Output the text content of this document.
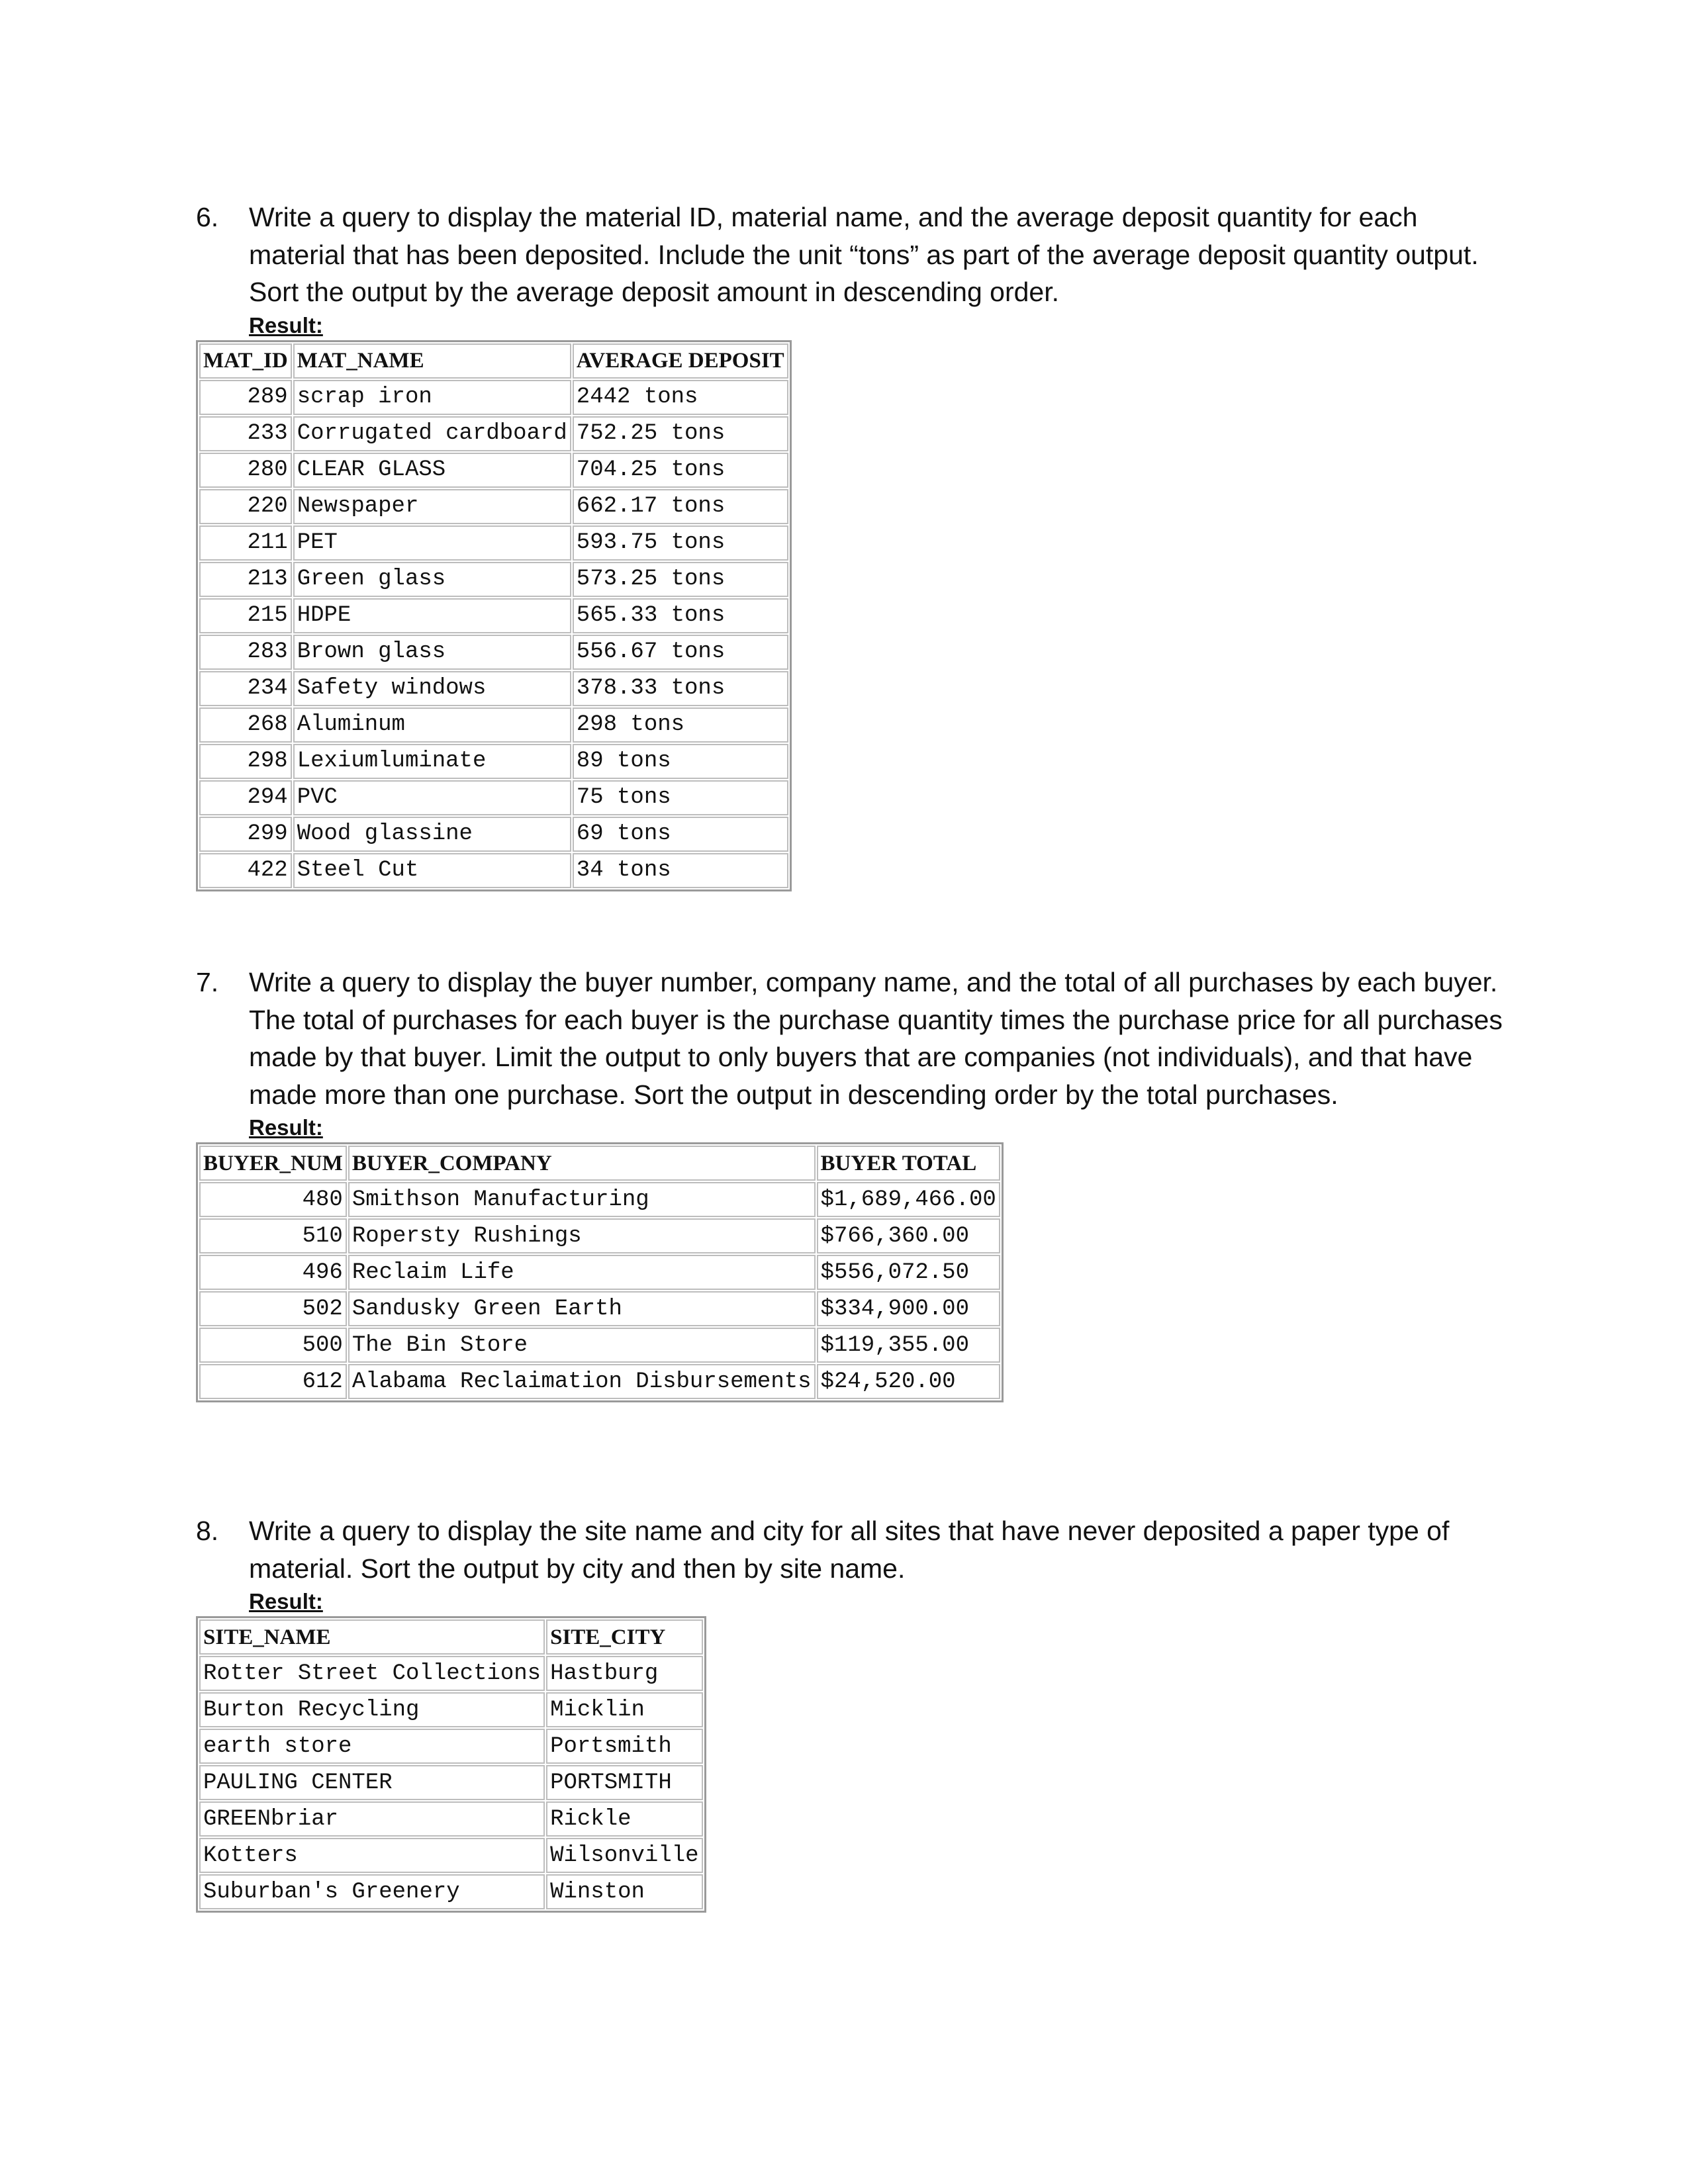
6. Write a query to display the material ID, material name, and the average deposit quantity for each material that has been deposited. Include the unit “tons” as part of the average deposit quantity output. Sort the output by the average deposit amount in descending order.

Result:
MAT_ID	MAT_NAME	AVERAGE DEPOSIT
289	scrap iron	2442 tons
233	Corrugated cardboard	752.25 tons
280	CLEAR GLASS	704.25 tons
220	Newspaper	662.17 tons
211	PET	593.75 tons
213	Green glass	573.25 tons
215	HDPE	565.33 tons
283	Brown glass	556.67 tons
234	Safety windows	378.33 tons
268	Aluminum	298 tons
298	Lexiumluminate	89 tons
294	PVC	75 tons
299	Wood glassine	69 tons
422	Steel Cut	34 tons
7. Write a query to display the buyer number, company name, and the total of all purchases by each buyer. The total of purchases for each buyer is the purchase quantity times the purchase price for all purchases made by that buyer. Limit the output to only buyers that are companies (not individuals), and that have made more than one purchase. Sort the output in descending order by the total purchases.

Result:
BUYER_NUM	BUYER_COMPANY	BUYER TOTAL
480	Smithson Manufacturing	$1,689,466.00
510	Ropersty Rushings	$766,360.00
496	Reclaim Life	$556,072.50
502	Sandusky Green Earth	$334,900.00
500	The Bin Store	$119,355.00
612	Alabama Reclaimation Disbursements	$24,520.00
8. Write a query to display the site name and city for all sites that have never deposited a paper type of material. Sort the output by city and then by site name.

Result:
SITE_NAME	SITE_CITY
Rotter Street Collections	Hastburg
Burton Recycling	Micklin
earth store	Portsmith
PAULING CENTER	PORTSMITH
GREENbriar	Rickle
Kotters	Wilsonville
Suburban's Greenery	Winston
